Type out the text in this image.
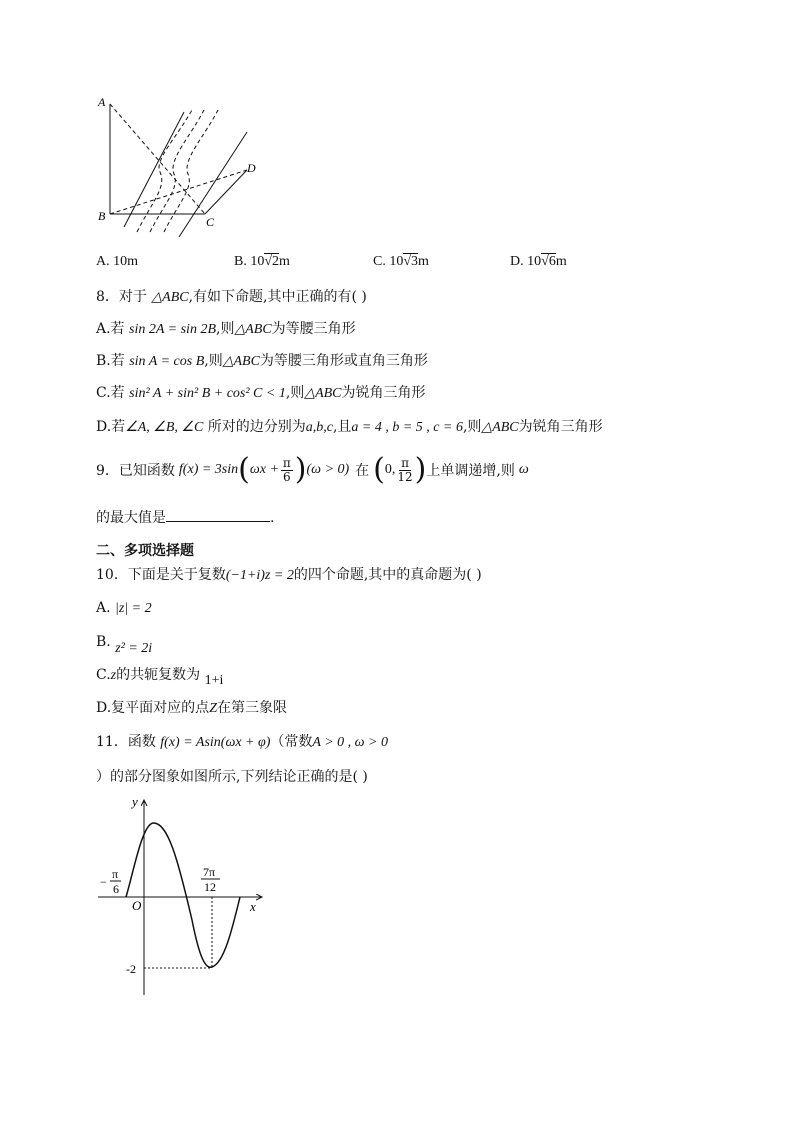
A
B	C
D
A. 10m	B. 10√2m	C. 10√3m	D. 10√6m
8．对于 △ABC,有如下命题,其中正确的有( )
A.若 sin 2A = sin 2B,则△ABC为等腰三角形
B.若 sin A = cos B,则△ABC为等腰三角形或直角三角形
C.若 sin² A + sin² B + cos² C < 1,则△ABC为锐角三角形
D.若∠A, ∠B, ∠C 所对的边分别为a,b,c,且a = 4 , b = 5 , c = 6,则△ABC为锐角三角形
9．已知函数 f(x) = 3sin ( $\omega x + \frac{\pi}{6}$ ) (ω > 0) 在 ( 0, $\frac{\pi}{12}$ ) 上单调递增,则 ω
的最大值是	.
二、多项选择题
10．下面是关于复数(−1+i)z = 2的四个命题,其中的真命题为( )
A. |z| = 2
B. z² = 2i
C.z的共轭复数为 1+i
D.复平面对应的点Z在第三象限
11．函数 f(x) = Asin(ωx + φ)（常数A > 0 , ω > 0
）的部分图象如图所示,下列结论正确的是( )
y
x
O
−
π
6
7π
12
-2
